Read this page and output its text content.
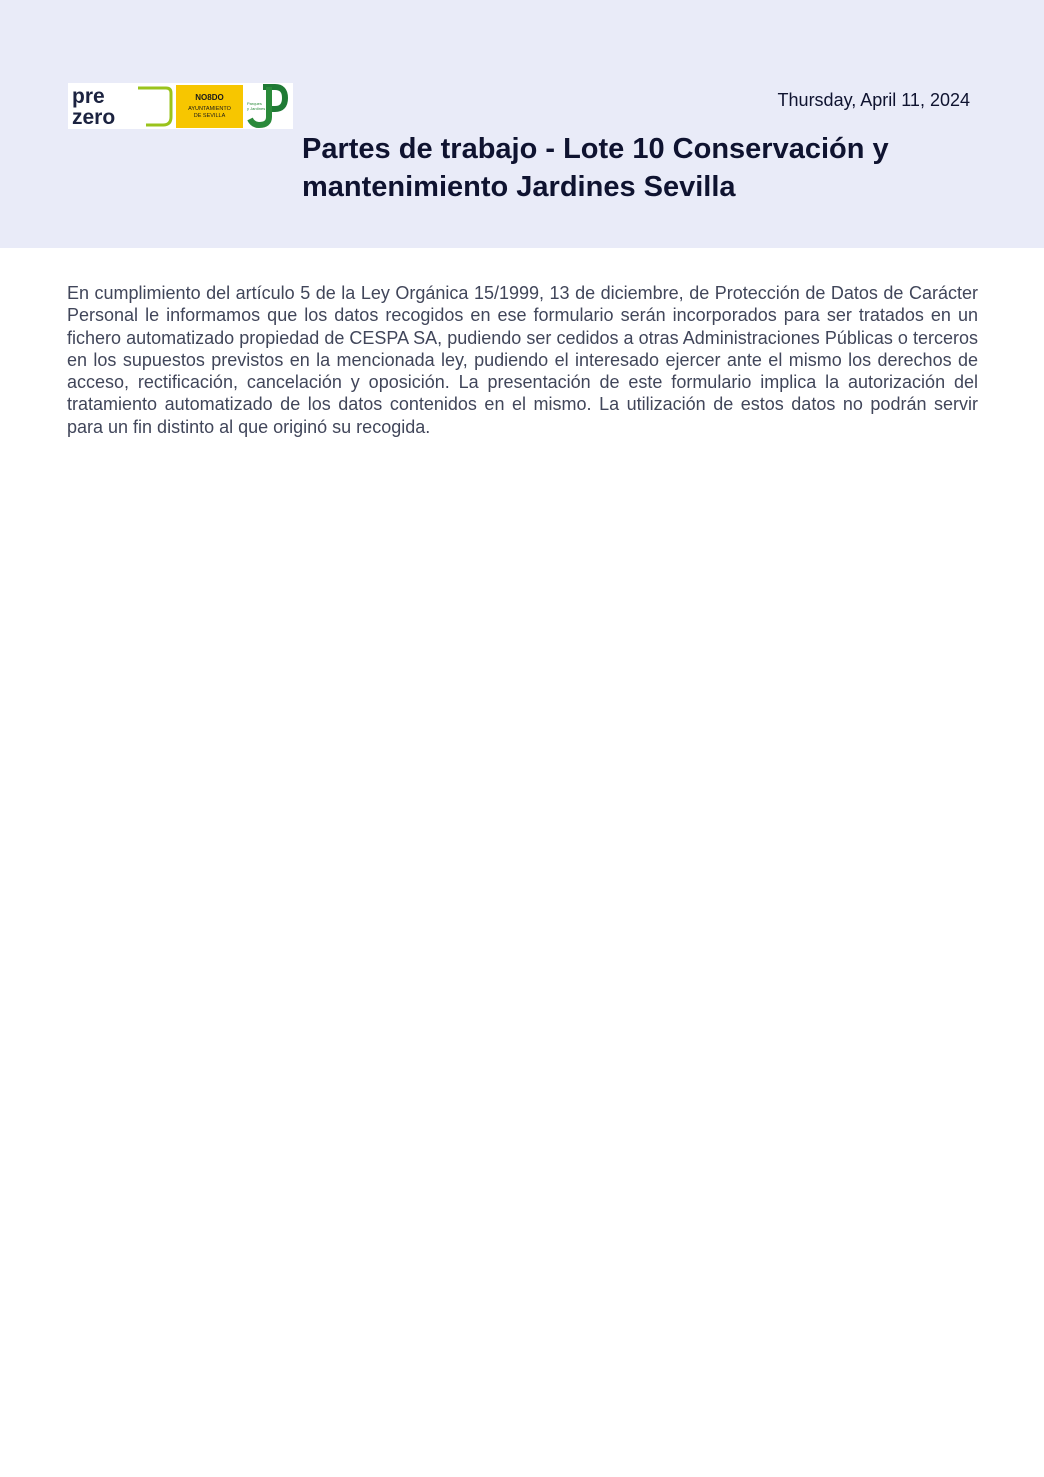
pre
zero
NO8DO
AYUNTAMIENTO
DE SEVILLA
Parques
y Jardines	Thursday, April 11, 2024
Partes de trabajo - Lote 10 Conservación y mantenimiento Jardines Sevilla

En cumplimiento del artículo 5 de la Ley Orgánica 15/1999, 13 de diciembre, de Protección de Datos de Carácter Personal le informamos que los datos recogidos en ese formulario serán incorporados para ser tratados en un fichero automatizado propiedad de CESPA SA, pudiendo ser cedidos a otras Administraciones Públicas o terceros en los supuestos previstos en la mencionada ley, pudiendo el interesado ejercer ante el mismo los derechos de acceso, rectificación, cancelación y oposición. La presentación de este formulario implica la autorización del tratamiento automatizado de los datos contenidos en el mismo. La utilización de estos datos no podrán servir para un fin distinto al que originó su recogida.
